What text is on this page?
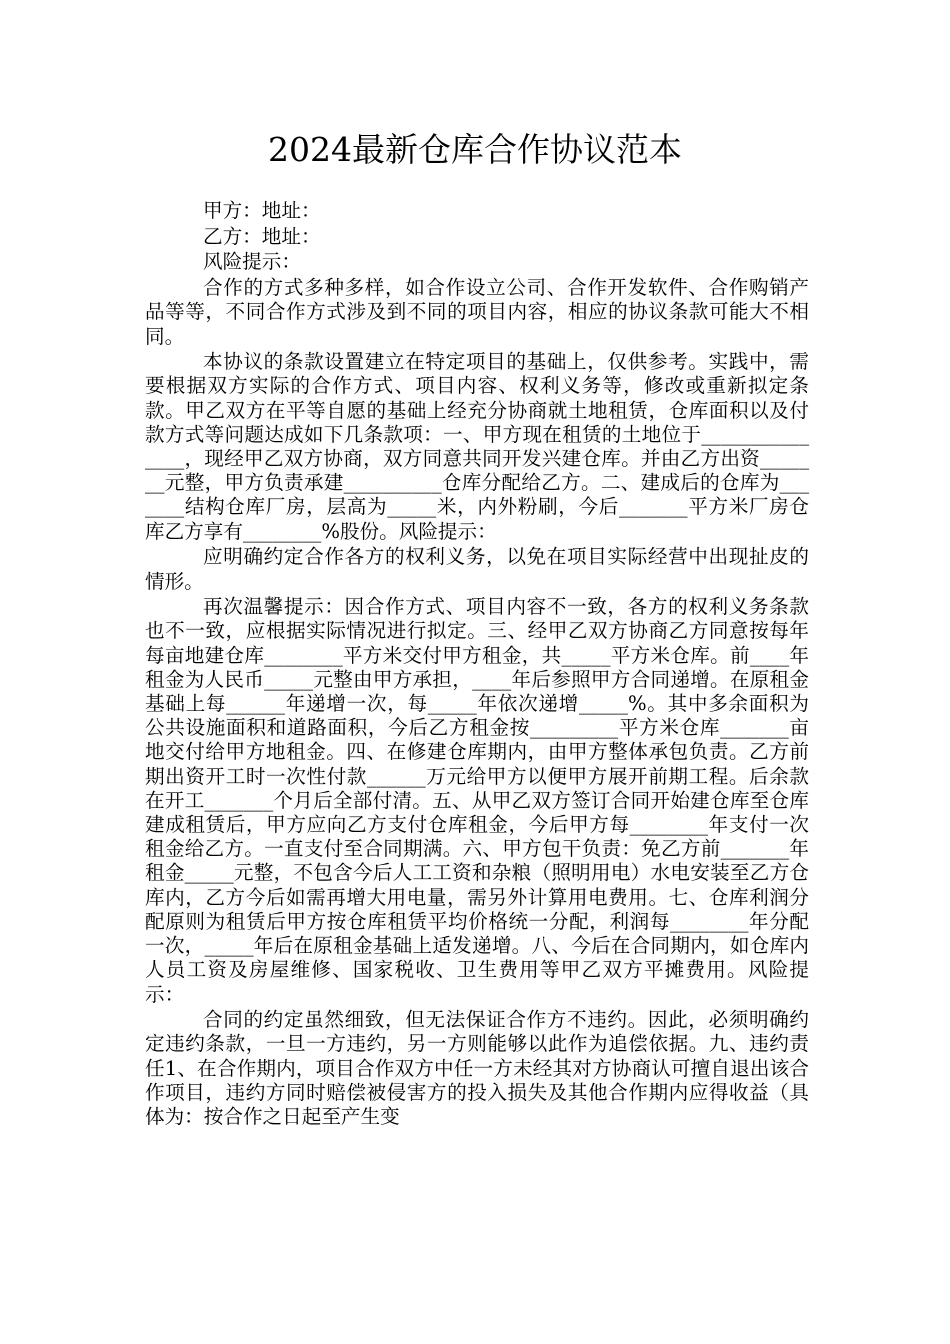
2024最新仓库合作协议范本

甲方：地址：

乙方：地址：

风险提示：

合作的方式多种多样，如合作设立公司、合作开发软件、合作购销产品等等，不同合作方式涉及到不同的项目内容，相应的协议条款可能大不相同。

本协议的条款设置建立在特定项目的基础上，仅供参考。实践中，需要根据双方实际的合作方式、项目内容、权利义务等，修改或重新拟定条款。甲乙双方在平等自愿的基础上经充分协商就土地租赁，仓库面积以及付款方式等问题达成如下几条款项：一、甲方现在租赁的土地位于_______________，现经甲乙双方协商，双方同意共同开发兴建仓库。并由乙方出资_______元整，甲方负责承建__________仓库分配给乙方。二、建成后的仓库为_______结构仓库厂房，层高为_____米，内外粉刷，今后_______平方米厂房仓库乙方享有________%股份。风险提示：

应明确约定合作各方的权利义务，以免在项目实际经营中出现扯皮的情形。

再次温馨提示：因合作方式、项目内容不一致，各方的权利义务条款也不一致，应根据实际情况进行拟定。三、经甲乙双方协商乙方同意按每年每亩地建仓库________平方米交付甲方租金，共_____平方米仓库。前____年租金为人民币_____元整由甲方承担，____年后参照甲方合同递增。在原租金基础上每______年递增一次，每_____年依次递增_____%。其中多余面积为公共设施面积和道路面积，今后乙方租金按_________平方米仓库_______亩地交付给甲方地租金。四、在修建仓库期内，由甲方整体承包负责。乙方前期出资开工时一次性付款______万元给甲方以便甲方展开前期工程。后余款在开工_______个月后全部付清。五、从甲乙双方签订合同开始建仓库至仓库建成租赁后，甲方应向乙方支付仓库租金，今后甲方每________年支付一次租金给乙方。一直支付至合同期满。六、甲方包干负责：免乙方前_______年租金_____元整，不包含今后人工工资和杂粮（照明用电）水电安装至乙方仓库内，乙方今后如需再增大用电量，需另外计算用电费用。七、仓库利润分配原则为租赁后甲方按仓库租赁平均价格统一分配，利润每________年分配一次，_____年后在原租金基础上适发递增。八、今后在合同期内，如仓库内人员工资及房屋维修、国家税收、卫生费用等甲乙双方平摊费用。风险提示：

合同的约定虽然细致，但无法保证合作方不违约。因此，必须明确约定违约条款，一旦一方违约，另一方则能够以此作为追偿依据。九、违约责任1、在合作期内，项目合作双方中任一方未经其对方协商认可擅自退出该合作项目，违约方同时赔偿被侵害方的投入损失及其他合作期内应得收益（具体为：按合作之日起至产生变
